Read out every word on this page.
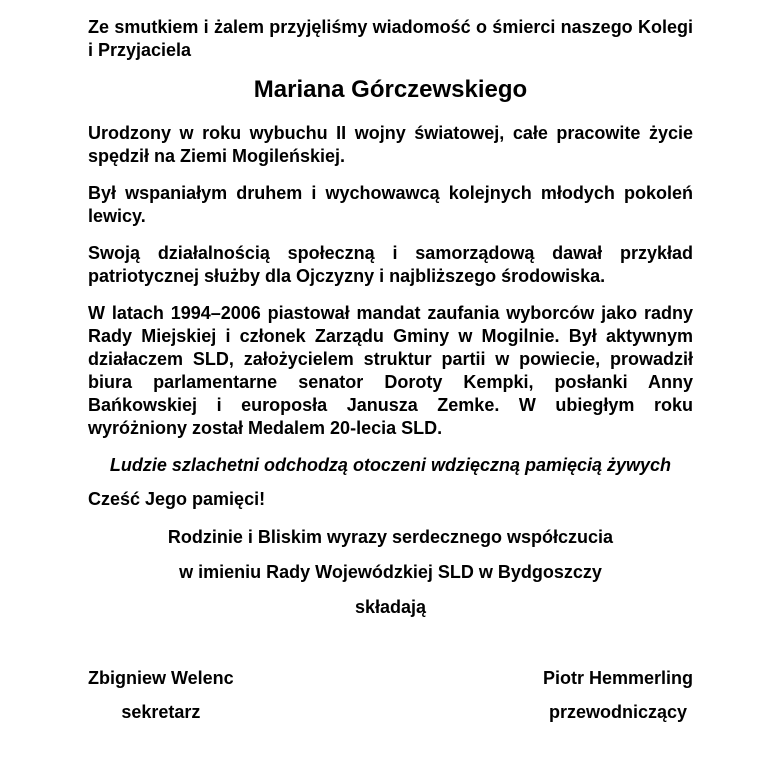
Ze smutkiem i żalem przyjęliśmy wiadomość o śmierci naszego Kolegi i Przyjaciela

Mariana Górczewskiego

Urodzony w roku wybuchu II wojny światowej, całe pracowite życie spędził na Ziemi Mogileńskiej.

Był wspaniałym druhem i wychowawcą kolejnych młodych pokoleń lewicy.

Swoją działalnością społeczną i samorządową dawał przykład patriotycznej służby dla Ojczyzny i najbliższego środowiska.

W latach 1994–2006 piastował mandat zaufania wyborców jako radny Rady Miejskiej i członek Zarządu Gminy w Mogilnie. Był aktywnym działaczem SLD, założycielem struktur partii w powiecie, prowadził biura parlamentarne senator Doroty Kempki, posłanki Anny Bańkowskiej i europosła Janusza Zemke. W ubiegłym roku wyróżniony został Medalem 20-lecia SLD.

Ludzie szlachetni odchodzą otoczeni wdzięczną pamięcią żywych

Cześć Jego pamięci!

Rodzinie i Bliskim wyrazy serdecznego współczucia

w imieniu Rady Wojewódzkiej SLD w Bydgoszczy

składają

Zbigniew Welenc

sekretarz

Piotr Hemmerling

przewodniczący
